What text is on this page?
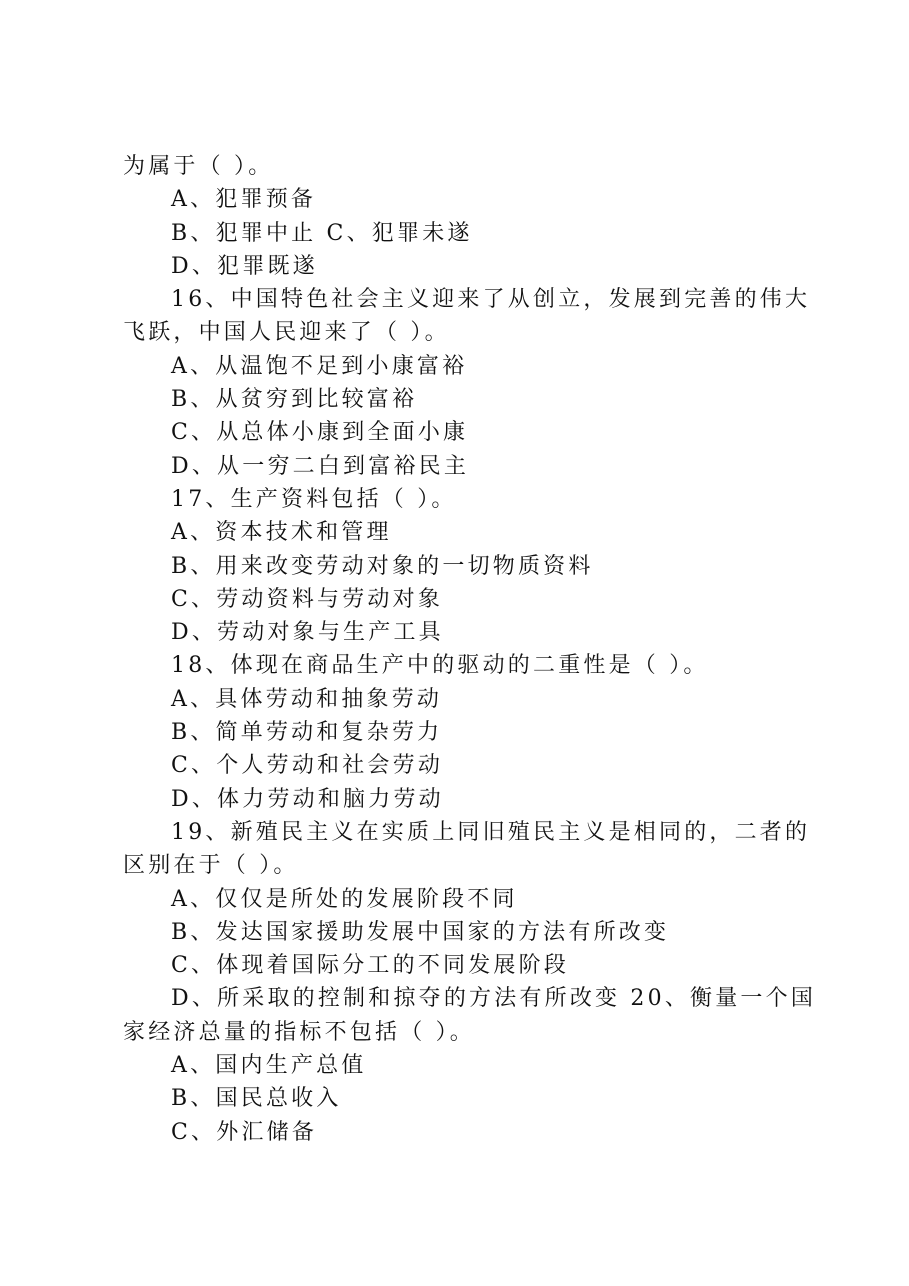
为属于（ ）。
A、犯罪预备
B、犯罪中止 C、犯罪未遂
D、犯罪既遂
16、中国特色社会主义迎来了从创立，发展到完善的伟大
飞跃，中国人民迎来了（ ）。
A、从温饱不足到小康富裕
B、从贫穷到比较富裕
C、从总体小康到全面小康
D、从一穷二白到富裕民主
17、生产资料包括（ ）。
A、资本技术和管理
B、用来改变劳动对象的一切物质资料
C、劳动资料与劳动对象
D、劳动对象与生产工具
18、体现在商品生产中的驱动的二重性是（ ）。
A、具体劳动和抽象劳动
B、简单劳动和复杂劳力
C、个人劳动和社会劳动
D、体力劳动和脑力劳动
19、新殖民主义在实质上同旧殖民主义是相同的，二者的
区别在于（ ）。
A、仅仅是所处的发展阶段不同
B、发达国家援助发展中国家的方法有所改变
C、体现着国际分工的不同发展阶段
D、所采取的控制和掠夺的方法有所改变 20、衡量一个国
家经济总量的指标不包括（ ）。
A、国内生产总值
B、国民总收入
C、外汇储备
